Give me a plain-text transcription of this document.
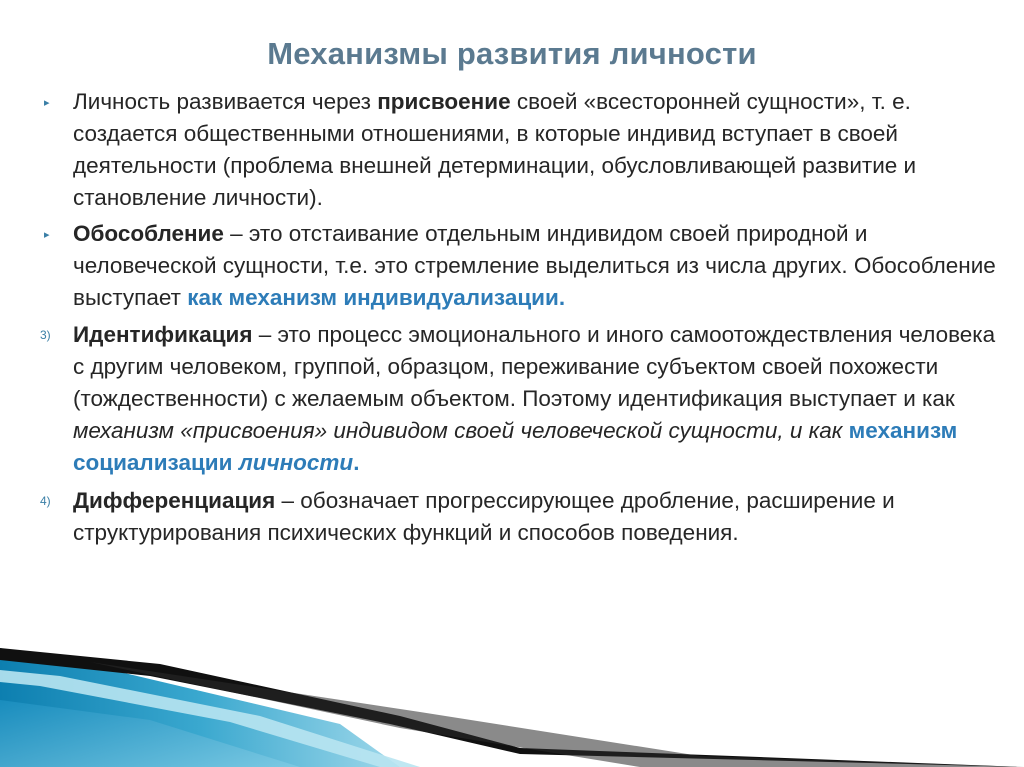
Механизмы развития личности
▸	Личность развивается через присвоение своей «всесторонней сущности», т. е. создается общественными отношениями, в которые индивид вступает в своей деятельности (проблема внешней детерминации, обусловливающей развитие и становление личности).
▸	Обособление – это отстаивание отдельным индивидом своей природной и человеческой сущности, т.е. это стремление выделиться из числа других. Обособление выступает как механизм индивидуализации.
3) Идентификация – это процесс эмоционального и иного самоотождествления человека с другим человеком, группой, образцом, переживание субъектом своей похожести (тождественности) с желаемым объектом. Поэтому идентификация выступает и как механизм «присвоения» индивидом своей человеческой сущности, и как механизм социализации личности.
4) Дифференциация – обозначает прогрессирующее дробление, расширение и структурирования психических функций и способов поведения.
